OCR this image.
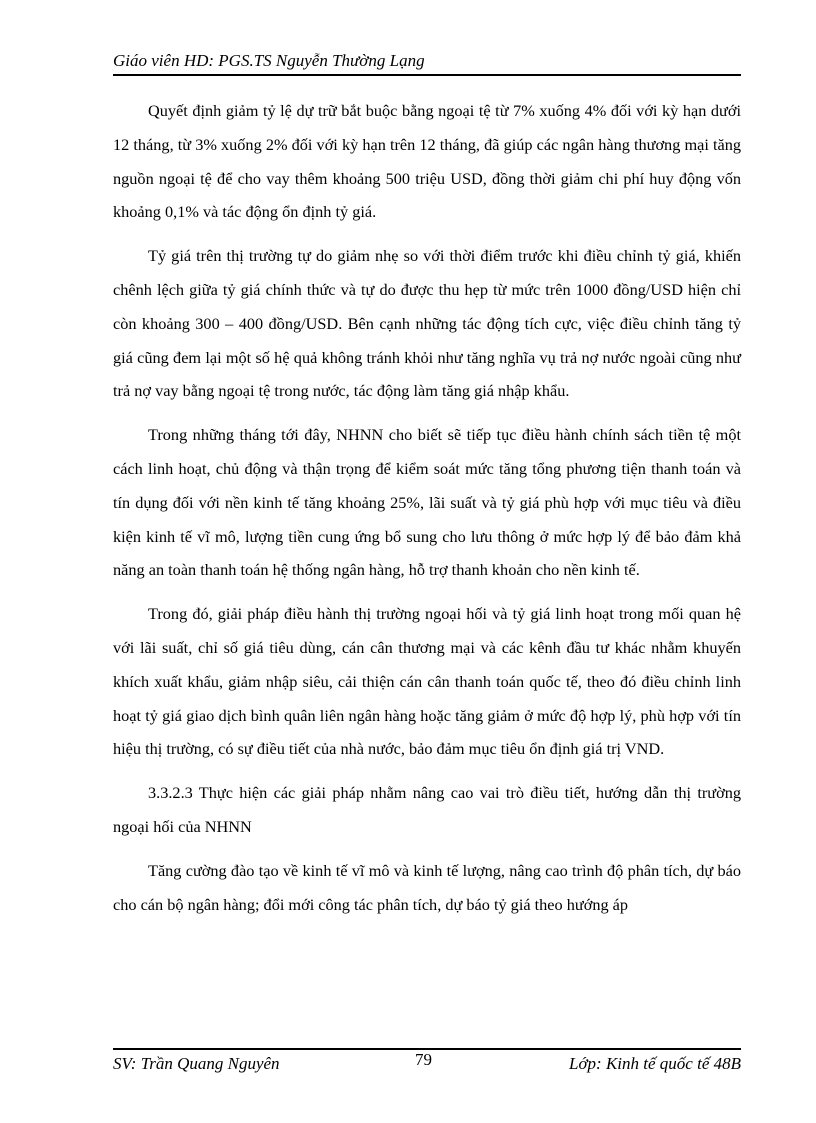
Giáo viên HD: PGS.TS Nguyễn Thường Lạng

Quyết định giảm tỷ lệ dự trữ bắt buộc bằng ngoại tệ từ 7% xuống 4% đối với kỳ hạn dưới 12 tháng, từ 3% xuống 2% đối với kỳ hạn trên 12 tháng, đã giúp các ngân hàng thương mại tăng nguồn ngoại tệ để cho vay thêm khoảng 500 triệu USD, đồng thời giảm chi phí huy động vốn khoảng 0,1% và tác động ổn định tỷ giá.

Tỷ giá trên thị trường tự do giảm nhẹ so với thời điểm trước khi điều chỉnh tỷ giá, khiến chênh lệch giữa tỷ giá chính thức và tự do được thu hẹp từ mức trên 1000 đồng/USD hiện chỉ còn khoảng 300 – 400 đồng/USD. Bên cạnh những tác động tích cực, việc điều chỉnh tăng tỷ giá cũng đem lại một số hệ quả không tránh khỏi như tăng nghĩa vụ trả nợ nước ngoài cũng như trả nợ vay bằng ngoại tệ trong nước, tác động làm tăng giá nhập khẩu.

Trong những tháng tới đây, NHNN cho biết sẽ tiếp tục điều hành chính sách tiền tệ một cách linh hoạt, chủ động và thận trọng để kiểm soát mức tăng tổng phương tiện thanh toán và tín dụng đối với nền kinh tế tăng khoảng 25%, lãi suất và tỷ giá phù hợp với mục tiêu và điều kiện kinh tế vĩ mô, lượng tiền cung ứng bổ sung cho lưu thông ở mức hợp lý để bảo đảm khả năng an toàn thanh toán hệ thống ngân hàng, hỗ trợ thanh khoản cho nền kinh tế.

Trong đó, giải pháp điều hành thị trường ngoại hối và tỷ giá linh hoạt trong mối quan hệ với lãi suất, chỉ số giá tiêu dùng, cán cân thương mại và các kênh đầu tư khác nhằm khuyến khích xuất khẩu, giảm nhập siêu, cải thiện cán cân thanh toán quốc tế, theo đó điều chỉnh linh hoạt tỷ giá giao dịch bình quân liên ngân hàng hoặc tăng giảm ở mức độ hợp lý, phù hợp với tín hiệu thị trường, có sự điều tiết của nhà nước, bảo đảm mục tiêu ổn định giá trị VND.

3.3.2.3 Thực hiện các giải pháp nhằm nâng cao vai trò điều tiết, hướng dẫn thị trường ngoại hối của NHNN

Tăng cường đào tạo về kinh tế vĩ mô và kinh tế lượng, nâng cao trình độ phân tích, dự báo cho cán bộ ngân hàng; đổi mới công tác phân tích, dự báo tỷ giá theo hướng áp

SV: Trần Quang Nguyên	79	Lớp: Kinh tế quốc tế 48B
